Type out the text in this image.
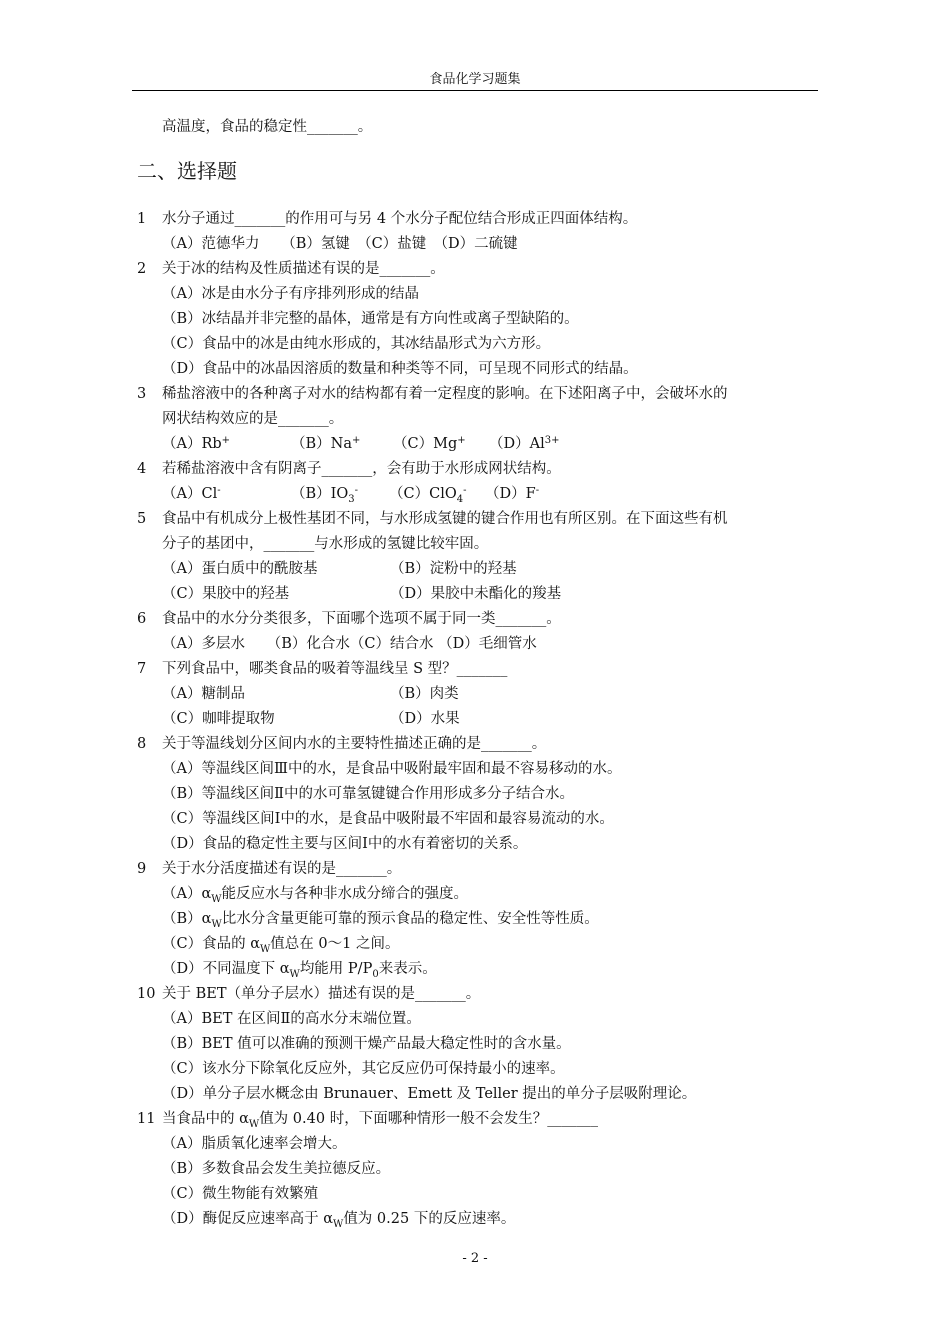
食品化学习题集
高温度，食品的稳定性_______。
二、选择题
1 水分子通过_______的作用可与另 4 个水分子配位结合形成正四面体结构。
（A）范德华力　　（B）氢键　（C）盐键　（D）二硫键
2 关于冰的结构及性质描述有误的是_______。
（A）冰是由水分子有序排列形成的结晶
（B）冰结晶并非完整的晶体，通常是有方向性或离子型缺陷的。
（C）食品中的冰是由纯水形成的，其冰结晶形式为六方形。
（D）食品中的冰晶因溶质的数量和种类等不同，可呈现不同形式的结晶。
3 稀盐溶液中的各种离子对水的结构都有着一定程度的影响。在下述阳离子中，会破坏水的
网状结构效应的是_______。
（A）Rb+	（B）Na+ （C）Mg+ $(D)Al^{3+}$
4 若稀盐溶液中含有阴离子_______，会有助于水形成网状结构。
（A）Cl-	$(B)IO_3^-$ （C）ClO$_4$- （D）F-
5 食品中有机成分上极性基团不同，与水形成氢键的键合作用也有所区别。在下面这些有机
分子的基团中，_______与水形成的氢键比较牢固。
（A）蛋白质中的酰胺基	（B）淀粉中的羟基
（C）果胶中的羟基	（D）果胶中未酯化的羧基
6 食品中的水分分类很多，下面哪个选项不属于同一类_______。
（A）多层水　　（B）化合水（C）结合水 （D）毛细管水
7 下列食品中，哪类食品的吸着等温线呈 S 型？_______
（A）糖制品	（B）肉类
（C）咖啡提取物	（D）水果
8 关于等温线划分区间内水的主要特性描述正确的是_______。
（A）等温线区间Ⅲ中的水，是食品中吸附最牢固和最不容易移动的水。
（B）等温线区间Ⅱ中的水可靠氢键键合作用形成多分子结合水。
（C）等温线区间Ⅰ中的水，是食品中吸附最不牢固和最容易流动的水。
（D）食品的稳定性主要与区间Ⅰ中的水有着密切的关系。
9 关于水分活度描述有误的是_______。
$(A)\alpha_W$能反应水与各种非水成分缔合的强度。
$(B)\alpha_W$比水分含量更能可靠的预示食品的稳定性、安全性等性质。
（C）食品的 $\alpha_W$值总在 0～1 之间。
（D）不同温度下 $\alpha_W$均能用 $P/P_0$来表示。
10 关于 BET（单分子层水）描述有误的是_______。
（A）BET 在区间Ⅱ的高水分末端位置。
（B）BET 值可以准确的预测干燥产品最大稳定性时的含水量。
（C）该水分下除氧化反应外，其它反应仍可保持最小的速率。
（D）单分子层水概念由 Brunauer、Emett 及 Teller 提出的单分子层吸附理论。
11 当食品中的 $\alpha_W$值为 0.40 时，下面哪种情形一般不会发生？_______
（A）脂质氧化速率会增大。
（B）多数食品会发生美拉德反应。
（C）微生物能有效繁殖
（D）酶促反应速率高于 $\alpha_W$值为 0.25 下的反应速率。
- 2 -
